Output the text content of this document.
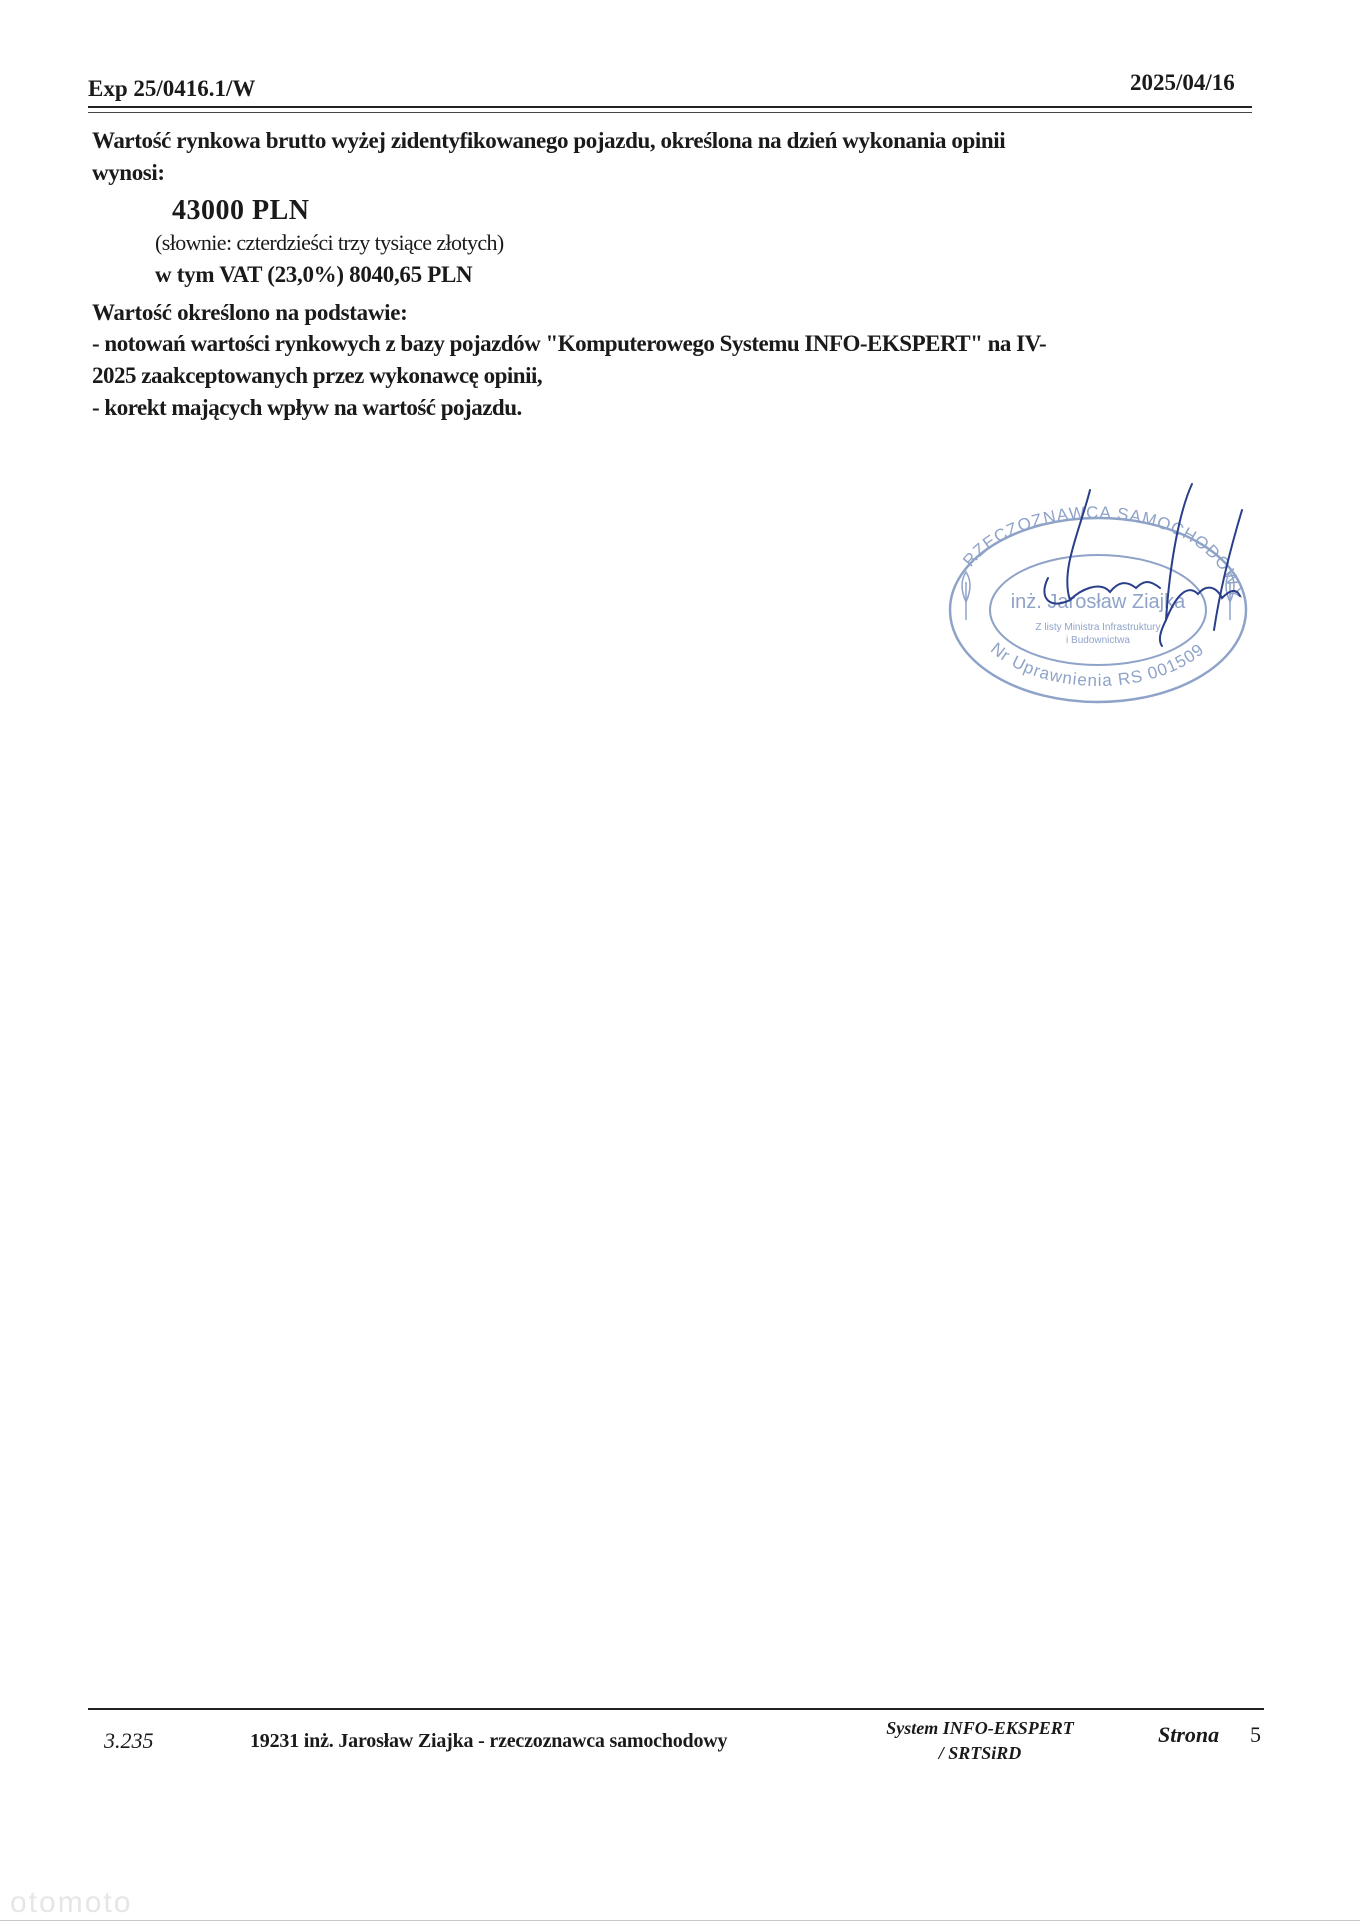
Exp 25/0416.1/W	2025/04/16
Wartość rynkowa brutto wyżej zidentyfikowanego pojazdu, określona na dzień wykonania opinii
wynosi:
43000 PLN
(słownie: czterdzieści trzy tysiące złotych)
w tym VAT (23,0%) 8040,65 PLN
Wartość określono na podstawie:
- notowań wartości rynkowych z bazy pojazdów "Komputerowego Systemu INFO-EKSPERT" na IV-
2025 zaakceptowanych przez wykonawcę opinii,
- korekt mających wpływ na wartość pojazdu.
RZECZOZNAWCA SAMOCHODOWY
Nr Uprawnienia RS 001509
inż. Jarosław Ziajka
Z listy Ministra Infrastruktury
i Budownictwa
3.235	19231 inż. Jarosław Ziajka - rzeczoznawca samochodowy
System INFO-EKSPERT
/ SRTSiRD
Strona 5
otomoto
